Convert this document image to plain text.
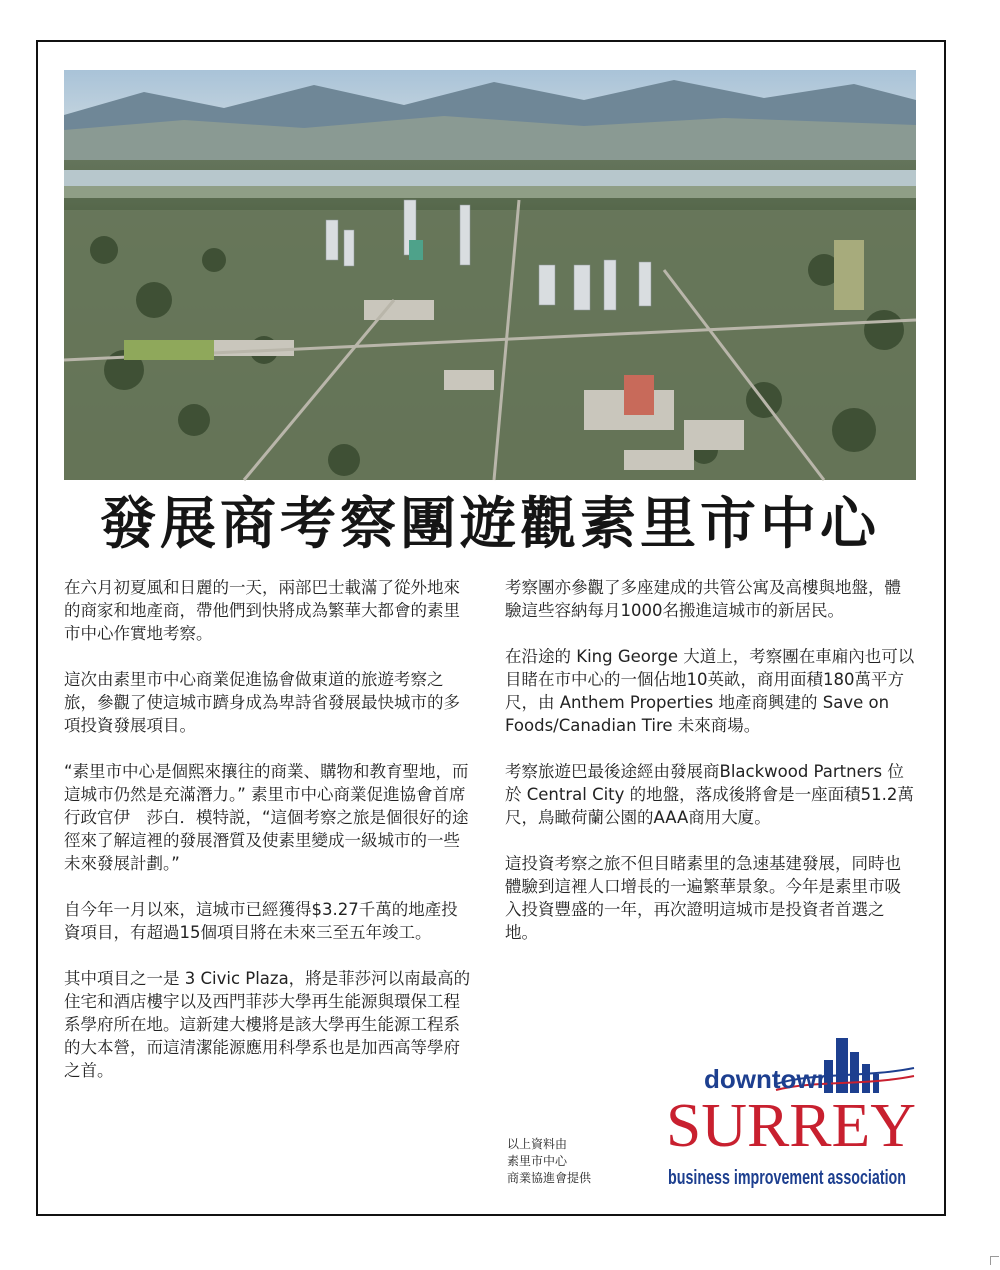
發展商考察團遊觀素里市中心

在六月初夏風和日麗的一天，兩部巴士載滿了從外地來的商家和地產商，帶他們到快將成為繁華大都會的素里市中心作實地考察。

這次由素里市中心商業促進協會做東道的旅遊考察之旅，參觀了使這城市躋身成為卑詩省發展最快城市的多項投資發展項目。

“素里市中心是個熙來攘往的商業、購物和教育聖地，而這城市仍然是充滿潛力。” 素里市中心商業促進協會首席行政官伊　莎白．模特説，“這個考察之旅是個很好的途徑來了解這裡的發展潛質及使素里變成一級城市的一些未來發展計劃。”

自今年一月以來，這城市已經獲得$3.27千萬的地產投資項目，有超過15個項目將在未來三至五年竣工。

其中項目之一是 3 Civic Plaza，將是菲莎河以南最高的住宅和酒店樓宇以及西門菲莎大學再生能源與環保工程系學府所在地。這新建大樓將是該大學再生能源工程系的大本營，而這清潔能源應用科學系也是加西高等學府之首。

考察團亦參觀了多座建成的共管公寓及高樓與地盤，體驗這些容納每月1000名搬進這城市的新居民。

在沿途的 King George 大道上，考察團在車廂內也可以目睹在市中心的一個佔地10英畝，商用面積180萬平方尺，由 Anthem Properties 地產商興建的 Save on Foods/Canadian Tire 未來商場。

考察旅遊巴最後途經由發展商Blackwood Partners 位於 Central City 的地盤，落成後將會是一座面積51.2萬尺，鳥瞰荷蘭公園的AAA商用大廈。

這投資考察之旅不但目睹素里的急速基建發展，同時也體驗到這裡人口增長的一遍繁華景象。今年是素里市吸入投資豐盛的一年，再次證明這城市是投資者首選之地。

以上資料由
素里市中心
商業協進會提供
downtown
SURREY
business improvement association
